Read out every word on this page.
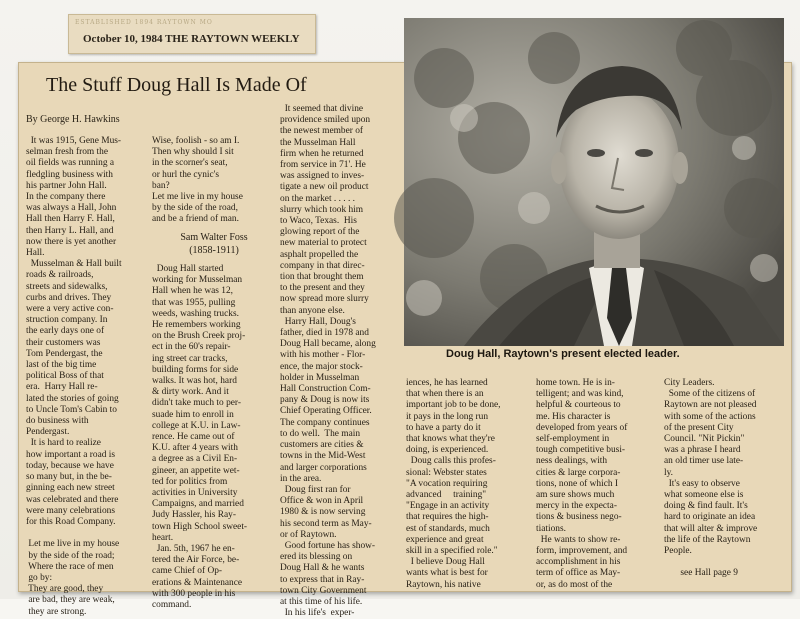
ESTABLISHED 1894 RAYTOWN MO
October 10, 1984 THE RAYTOWN WEEKLY
The Stuff Doug Hall Is Made Of
By George H. Hawkins
It was 1915, Gene Mus-
selman fresh from the
oil fields was running a
fledgling business with
his partner John Hall.
In the company there
was always a Hall, John
Hall then Harry F. Hall,
then Harry L. Hall, and
now there is yet another
Hall.
Musselman & Hall built
roads & railroads,
streets and sidewalks,
curbs and drives. They
were a very active con-
struction company. In
the early days one of
their customers was
Tom Pendergast, the
last of the big time
political Boss of that
era.  Harry Hall re-
lated the stories of going
to Uncle Tom's Cabin to
do business with
Pendergast.
It is hard to realize
how important a road is
today, because we have
so many but, in the be-
ginning each new street
was celebrated and there
were many celebrations
for this Road Company.

Let me live in my house
by the side of the road;
Where the race of men
go by:
They are good, they
are bad, they are weak,
they are strong.
Wise, foolish - so am I.
Then why should I sit
in the scorner's seat,
or hurl the cynic's
ban?
Let me live in my house
by the side of the road,
and be a friend of man.
Sam Walter Foss
(1858-1911)
Doug Hall started
working for Musselman
Hall when he was 12,
that was 1955, pulling
weeds, washing trucks.
He remembers working
on the Brush Creek proj-
ect in the 60's repair-
ing street car tracks,
building forms for side
walks. It was hot, hard
& dirty work. And it
didn't take much to per-
suade him to enroll in
college at K.U. in Law-
rence. He came out of
K.U. after 4 years with
a degree as a Civil En-
gineer, an appetite wet-
ted for politics from
activities in University
Campaigns, and married
Judy Hassler, his Ray-
town High School sweet-
heart.
Jan. 5th, 1967 he en-
tered the Air Force, be-
came Chief of Op-
erations & Maintenance
with 300 people in his
command.
It seemed that divine
providence smiled upon
the newest member of
the Musselman Hall
firm when he returned
from service in 71'. He
was assigned to inves-
tigate a new oil product
on the market . . . . .
slurry which took him
to Waco, Texas.  His
glowing report of the
new material to protect
asphalt propelled the
company in that direc-
tion that brought them
to the present and they
now spread more slurry
than anyone else.
Harry Hall, Doug's
father, died in 1978 and
Doug Hall became, along
with his mother - Flor-
ence, the major stock-
holder in Musselman
Hall Construction Com-
pany & Doug is now its
Chief Operating Officer.
The company continues
to do well.  The main
customers are cities &
towns in the Mid-West
and larger corporations
in the area.
Doug first ran for
Office & won in April
1980 & is now serving
his second term as May-
or of Raytown.
Good fortune has show-
ered its blessing on
Doug Hall & he wants
to express that in Ray-
town City Government
at this time of his life.
In his life's  exper-
iences, he has learned
that when there is an
important job to be done,
it pays in the long run
to have a party do it
that knows what they're
doing, is experienced.
Doug calls this profes-
sional: Webster states
"A vocation requiring
advanced     training"
"Engage in an activity
that requires the high-
est of standards, much
experience and great
skill in a specified role."
I believe Doug Hall
wants what is best for
Raytown, his native
home town. He is in-
telligent; and was kind,
helpful & courteous to
me. His character is
developed from years of
self-employment in
tough competitive busi-
ness dealings, with
cities & large corpora-
tions, none of which I
am sure shows much
mercy in the expecta-
tions & business nego-
tiations.
He wants to show re-
form, improvement, and
accomplishment in his
term of office as May-
or, as do most of the
City Leaders.
Some of the citizens of
Raytown are not pleased
with some of the actions
of the present City
Council. "Nit Pickin"
was a phrase I heard
an old timer use late-
ly.
It's easy to observe
what someone else is
doing & find fault. It's
hard to originate an idea
that will alter & improve
the life of the Raytown
People.

see Hall page 9
Doug Hall, Raytown's present elected leader.
